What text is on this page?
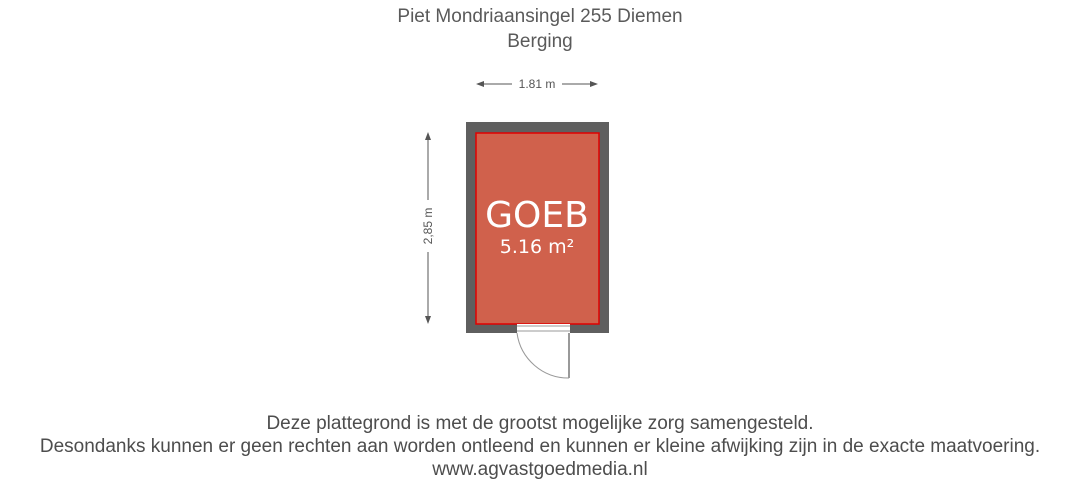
Piet Mondriaansingel 255 Diemen
Berging
1.81 m
2,85 m GOEB
5.16 m²
Deze plattegrond is met de grootst mogelijke zorg samengesteld.
Desondanks kunnen er geen rechten aan worden ontleend en kunnen er kleine afwijking zijn in de exacte maatvoering.
www.agvastgoedmedia.nl
